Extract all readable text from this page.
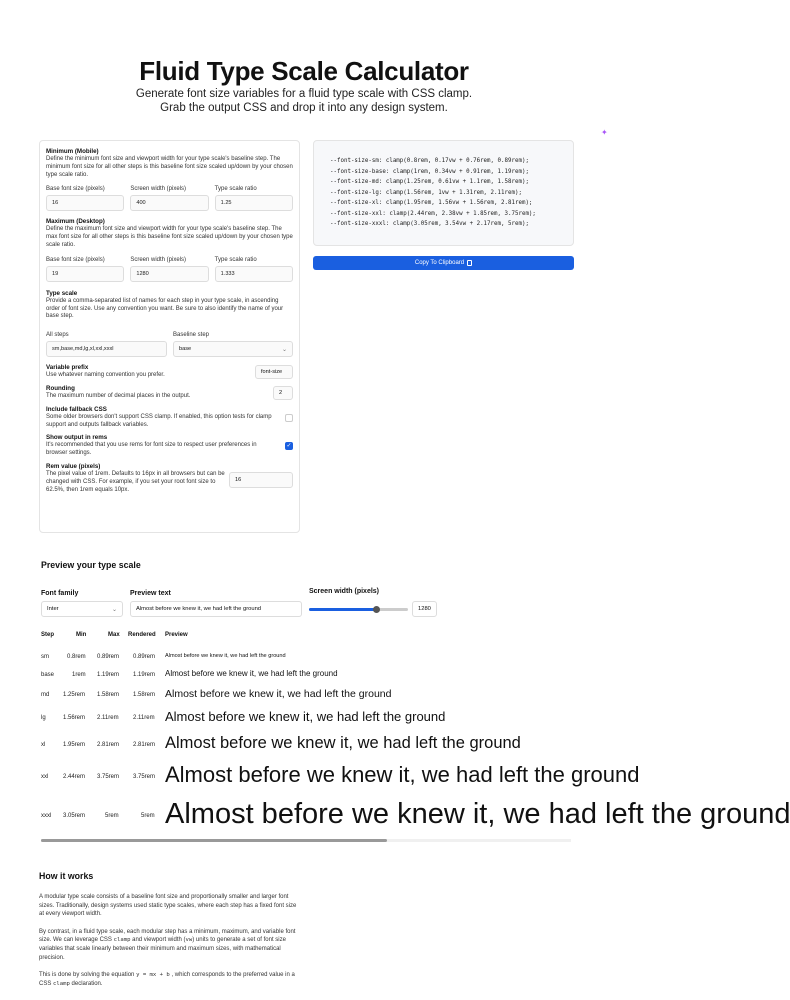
Fluid Type Scale Calculator

Generate font size variables for a fluid type scale with CSS clamp.

Grab the output CSS and drop it into any design system.

✦
Minimum (Mobile)
Define the minimum font size and viewport width for your type scale's baseline step. The minimum font size for all other steps is this baseline font size scaled up/down by your chosen type scale ratio.
Base font size (pixels)
16
Screen width (pixels)
400
Type scale ratio
1.25
Maximum (Desktop)
Define the maximum font size and viewport width for your type scale's baseline step. The max font size for all other steps is this baseline font size scaled up/down by your chosen type scale ratio.
Base font size (pixels)
19
Screen width (pixels)
1280
Type scale ratio
1.333
Type scale
Provide a comma-separated list of names for each step in your type scale, in ascending order of font size. Use any convention you want. Be sure to also identify the name of your base step.
All steps
sm,base,md,lg,xl,xxl,xxxl
Baseline step
base	⌄
Variable prefix
Use whatever naming convention you prefer.
font-size
Rounding
The maximum number of decimal places in the output.
2
Include fallback CSS
Some older browsers don't support CSS clamp. If enabled, this option tests for clamp support and outputs fallback variables.
Show output in rems
It's recommended that you use rems for font size to respect user preferences in browser settings.
✓
Rem value (pixels)
The pixel value of 1rem. Defaults to 16px in all browsers but can be changed with CSS. For example, if you set your root font size to 62.5%, then 1rem equals 10px.
16
--font-size-sm: clamp(0.8rem, 0.17vw + 0.76rem, 0.89rem);
--font-size-base: clamp(1rem, 0.34vw + 0.91rem, 1.19rem);
--font-size-md: clamp(1.25rem, 0.61vw + 1.1rem, 1.58rem);
--font-size-lg: clamp(1.56rem, 1vw + 1.31rem, 2.11rem);
--font-size-xl: clamp(1.95rem, 1.56vw + 1.56rem, 2.81rem);
--font-size-xxl: clamp(2.44rem, 2.38vw + 1.85rem, 3.75rem);
--font-size-xxxl: clamp(3.05rem, 3.54vw + 2.17rem, 5rem);
Copy To Clipboard
Preview your type scale
Font family
Inter	⌄
Preview text
Almost before we knew it, we had left the ground
Screen width (pixels)
1280
Step	Min	Max Rendered Preview
sm	0.8rem 0.89rem 0.89rem Almost before we knew it, we had left the ground
base	1rem 1.19rem 1.19rem Almost before we knew it, we had left the ground
md 1.25rem 1.58rem 1.58rem Almost before we knew it, we had left the ground
lg	1.56rem 2.11rem 2.11rem Almost before we knew it, we had left the ground
xl	1.95rem 2.81rem 2.81rem Almost before we knew it, we had left the ground
xxl 2.44rem 3.75rem 3.75rem Almost before we knew it, we had left the ground
xxxl 3.05rem	5rem	5rem Almost before we knew it, we had left the ground
How it works

A modular type scale consists of a baseline font size and proportionally smaller and larger font sizes. Traditionally, design systems used static type scales, where each step has a fixed font size at every viewport width.

By contrast, in a fluid type scale, each modular step has a minimum, maximum, and variable font size. We can leverage CSS clamp and viewport width (vw) units to generate a set of font size variables that scale linearly between their minimum and maximum sizes, with mathematical precision.

This is done by solving the equation y = mx + b , which corresponds to the preferred value in a CSS clamp declaration.
